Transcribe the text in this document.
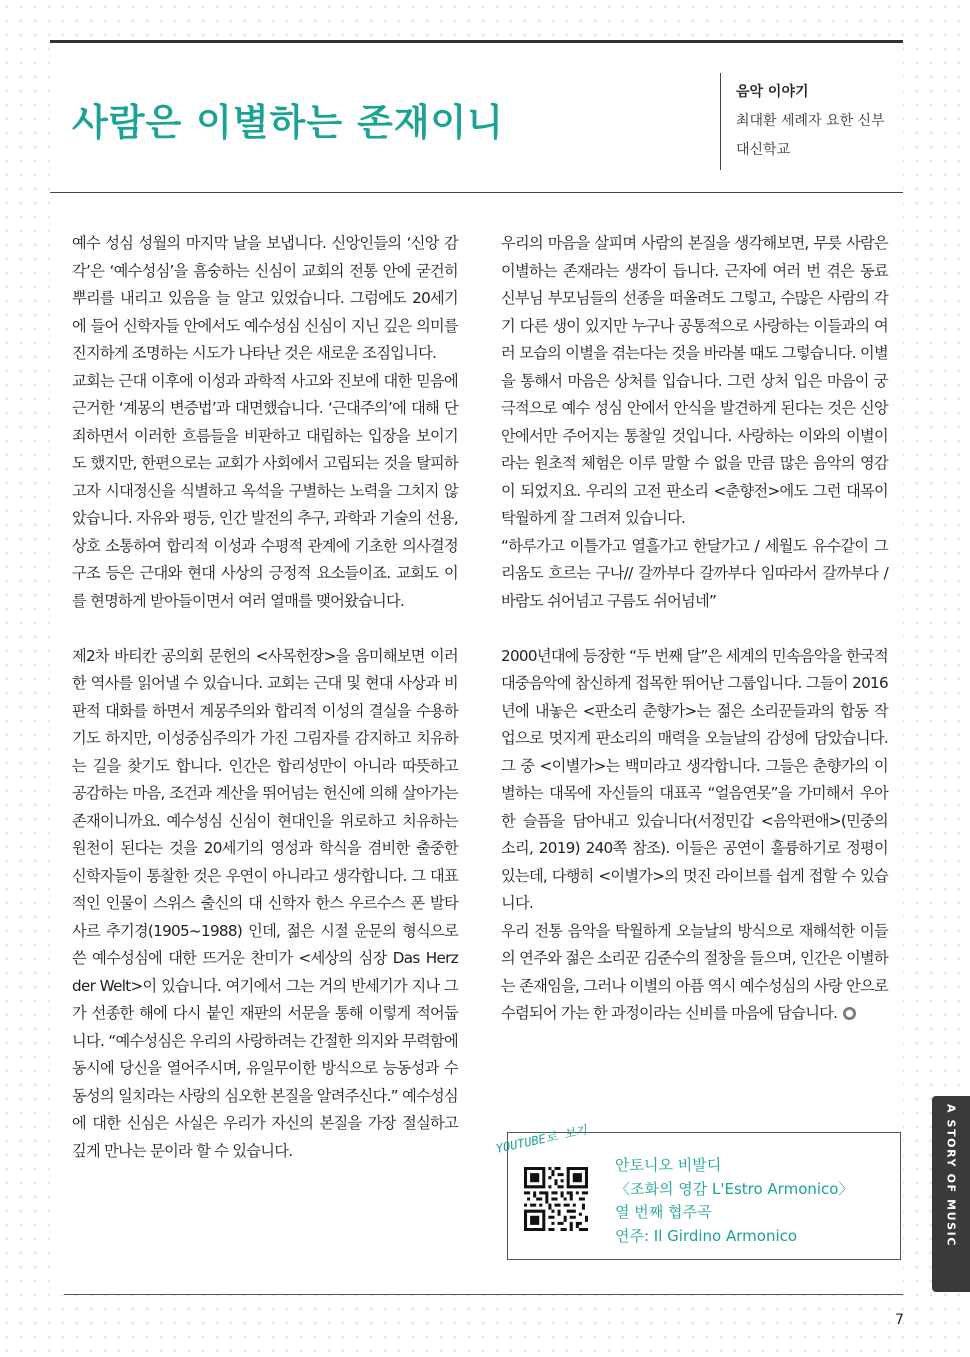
사람은 이별하는 존재이니
음악 이야기
최대환 세례자 요한 신부
대신학교

예수 성심 성월의 마지막 날을 보냅니다. 신앙인들의 ‘신앙 감각’은 ‘예수성심’을 흠숭하는 신심이 교회의 전통 안에 굳건히 뿌리를 내리고 있음을 늘 알고 있었습니다. 그럼에도 20세기에 들어 신학자들 안에서도 예수성심 신심이 지닌 깊은 의미를 진지하게 조명하는 시도가 나타난 것은 새로운 조짐입니다.

교회는 근대 이후에 이성과 과학적 사고와 진보에 대한 믿음에 근거한 ‘계몽의 변증법’과 대면했습니다. ‘근대주의’에 대해 단죄하면서 이러한 흐름들을 비판하고 대립하는 입장을 보이기도 했지만, 한편으로는 교회가 사회에서 고립되는 것을 탈피하고자 시대정신을 식별하고 옥석을 구별하는 노력을 그치지 않았습니다. 자유와 평등, 인간 발전의 추구, 과학과 기술의 선용, 상호 소통하여 합리적 이성과 수평적 관계에 기초한 의사결정 구조 등은 근대와 현대 사상의 긍정적 요소들이죠. 교회도 이를 현명하게 받아들이면서 여러 열매를 맺어왔습니다.

제2차 바티칸 공의회 문헌의 <사목헌장>을 음미해보면 이러한 역사를 읽어낼 수 있습니다. 교회는 근대 및 현대 사상과 비판적 대화를 하면서 계몽주의와 합리적 이성의 결실을 수용하기도 하지만, 이성중심주의가 가진 그림자를 감지하고 치유하는 길을 찾기도 합니다. 인간은 합리성만이 아니라 따뜻하고 공감하는 마음, 조건과 계산을 뛰어넘는 헌신에 의해 살아가는 존재이니까요. 예수성심 신심이 현대인을 위로하고 치유하는 원천이 된다는 것을 20세기의 영성과 학식을 겸비한 출중한 신학자들이 통찰한 것은 우연이 아니라고 생각합니다. 그 대표적인 인물이 스위스 출신의 대 신학자 한스 우르수스 폰 발타사르 추기경(1905~1988) 인데, 젊은 시절 운문의 형식으로 쓴 예수성심에 대한 뜨거운 찬미가 <세상의 심장 Das Herz der Welt>이 있습니다. 여기에서 그는 거의 반세기가 지나 그가 선종한 해에 다시 붙인 재판의 서문을 통해 이렇게 적어둡니다. “예수성심은 우리의 사랑하려는 간절한 의지와 무력함에 동시에 당신을 열어주시며, 유일무이한 방식으로 능동성과 수동성의 일치라는 사랑의 심오한 본질을 알려주신다.” 예수성심에 대한 신심은 사실은 우리가 자신의 본질을 가장 절실하고 깊게 만나는 문이라 할 수 있습니다.

우리의 마음을 살피며 사람의 본질을 생각해보면, 무릇 사람은 이별하는 존재라는 생각이 듭니다. 근자에 여러 번 겪은 동료 신부님 부모님들의 선종을 떠올려도 그렇고, 수많은 사람의 각기 다른 생이 있지만 누구나 공통적으로 사랑하는 이들과의 여러 모습의 이별을 겪는다는 것을 바라볼 때도 그렇습니다. 이별을 통해서 마음은 상처를 입습니다. 그런 상처 입은 마음이 궁극적으로 예수 성심 안에서 안식을 발견하게 된다는 것은 신앙안에서만 주어지는 통찰일 것입니다. 사랑하는 이와의 이별이라는 원초적 체험은 이루 말할 수 없을 만큼 많은 음악의 영감이 되었지요. 우리의 고전 판소리 <춘향전>에도 그런 대목이 탁월하게 잘 그려져 있습니다.

“하루가고 이틀가고 열흘가고 한달가고 / 세월도 유수같이 그리움도 흐르는 구나// 갈까부다 갈까부다 임따라서 갈까부다 / 바람도 쉬어넘고 구름도 쉬어넘네”

2000년대에 등장한 “두 번째 달”은 세계의 민속음악을 한국적 대중음악에 참신하게 접목한 뛰어난 그룹입니다. 그들이 2016년에 내놓은 <판소리 춘향가>는 젊은 소리꾼들과의 합동 작업으로 멋지게 판소리의 매력을 오늘날의 감성에 담았습니다. 그 중 <이별가>는 백미라고 생각합니다. 그들은 춘향가의 이별하는 대목에 자신들의 대표곡 “얼음연못”을 가미해서 우아한 슬픔을 담아내고 있습니다(서정민갑 <음악편애>(민중의 소리, 2019) 240쪽 참조). 이들은 공연이 훌륭하기로 정평이 있는데, 다행히 <이별가>의 멋진 라이브를 쉽게 접할 수 있습니다.

우리 전통 음악을 탁월하게 오늘날의 방식으로 재해석한 이들의 연주와 젊은 소리꾼 김준수의 절창을 들으며, 인간은 이별하는 존재임을, 그러나 이별의 아픔 역시 예수성심의 사랑 안으로 수렴되어 가는 한 과정이라는 신비를 마음에 담습니다.

안토니오 비발디
〈조화의 영감 L'Estro Armonico〉
열 번째 협주곡
연주: Il Girdino Armonico
YOUTUBE로 보기	A STORY OF MUSIC
7
